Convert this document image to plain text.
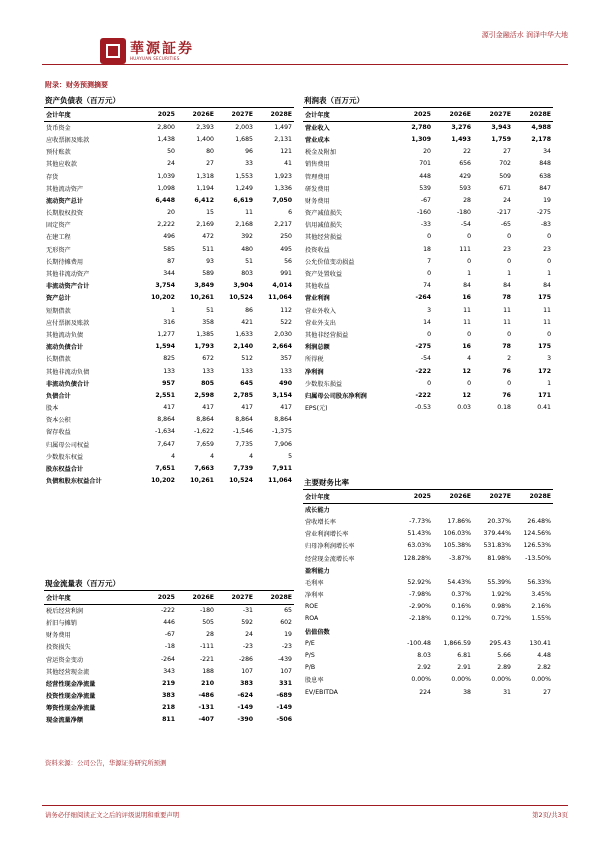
華源証券
HUAYUAN SECURITIES
源引金融活水 润泽中华大地
附录：财务预测摘要
资产负债表（百万元）
会计年度	2025	2026E	2027E	2028E
货币资金	2,800	2,393	2,003	1,497
应收票据及账款	1,438	1,400	1,685	2,131
预付账款	50	80	96	121
其他应收款	24	27	33	41
存货	1,039	1,318	1,553	1,923
其他流动资产	1,098	1,194	1,249	1,336
流动资产总计	6,448	6,412	6,619	7,050
长期股权投资	20	15	11	6
固定资产	2,222	2,169	2,168	2,217
在建工程	496	472	392	250
无形资产	585	511	480	495
长期待摊费用	87	93	51	56
其他非流动资产	344	589	803	991
非流动资产合计	3,754	3,849	3,904	4,014
资产总计	10,202	10,261	10,524	11,064
短期借款	1	51	86	112
应付票据及账款	316	358	421	522
其他流动负债	1,277	1,385	1,633	2,030
流动负债合计	1,594	1,793	2,140	2,664
长期借款	825	672	512	357
其他非流动负债	133	133	133	133
非流动负债合计	957	805	645	490
负债合计	2,551	2,598	2,785	3,154
股本	417	417	417	417
资本公积	8,864	8,864	8,864	8,864
留存收益	-1,634	-1,622	-1,546	-1,375
归属母公司权益	7,647	7,659	7,735	7,906
少数股东权益	4	4	4	5
股东权益合计	7,651	7,663	7,739	7,911
负债和股东权益合计	10,202	10,261	10,524	11,064
利润表（百万元）
会计年度	2025	2026E	2027E	2028E
营业收入	2,780	3,276	3,943	4,988
营业成本	1,309	1,493	1,759	2,178
税金及附加	20	22	27	34
销售费用	701	656	702	848
管理费用	448	429	509	638
研发费用	539	593	671	847
财务费用	-67	28	24	19
资产减值损失	-160	-180	-217	-275
信用减值损失	-33	-54	-65	-83
其他经营损益	0	0	0	0
投资收益	18	111	23	23
公允价值变动损益	7	0	0	0
资产处置收益	0	1	1	1
其他收益	74	84	84	84
营业利润	-264	16	78	175
营业外收入	3	11	11	11
营业外支出	14	11	11	11
其他非经营损益	0	0	0	0
利润总额	-275	16	78	175
所得税	-54	4	2	3
净利润	-222	12	76	172
少数股东损益	0	0	0	1
归属母公司股东净利润	-222	12	76	171
EPS(元)	-0.53	0.03	0.18	0.41
主要财务比率
会计年度	2025	2026E	2027E	2028E
成长能力				
营收增长率	-7.73%	17.86%	20.37%	26.48%
营业利润增长率	51.43%	106.03%	379.44%	124.56%
归母净利润增长率	63.03%	105.38%	531.83%	126.53%
经营现金流增长率	128.28%	-3.87%	81.98%	-13.50%
盈利能力				
毛利率	52.92%	54.43%	55.39%	56.33%
净利率	-7.98%	0.37%	1.92%	3.45%
ROE	-2.90%	0.16%	0.98%	2.16%
ROA	-2.18%	0.12%	0.72%	1.55%
估值倍数				
P/E	-100.48	1,866.59	295.43	130.41
P/S	8.03	6.81	5.66	4.48
P/B	2.92	2.91	2.89	2.82
股息率	0.00%	0.00%	0.00%	0.00%
EV/EBITDA	224	38	31	27
现金流量表（百万元）
会计年度	2025	2026E	2027E	2028E
税后经营利润	-222	-180	-31	65
折旧与摊销	446	505	592	602
财务费用	-67	28	24	19
投资损失	-18	-111	-23	-23
营运资金变动	-264	-221	-286	-439
其他经营现金流	343	188	107	107
经营性现金净流量	219	210	383	331
投资性现金净流量	383	-486	-624	-689
筹资性现金净流量	218	-131	-149	-149
现金流量净额	811	-407	-390	-506
资料来源：公司公告，华源证券研究所预测
请务必仔细阅读正文之后的评级说明和重要声明	第2页/共3页
